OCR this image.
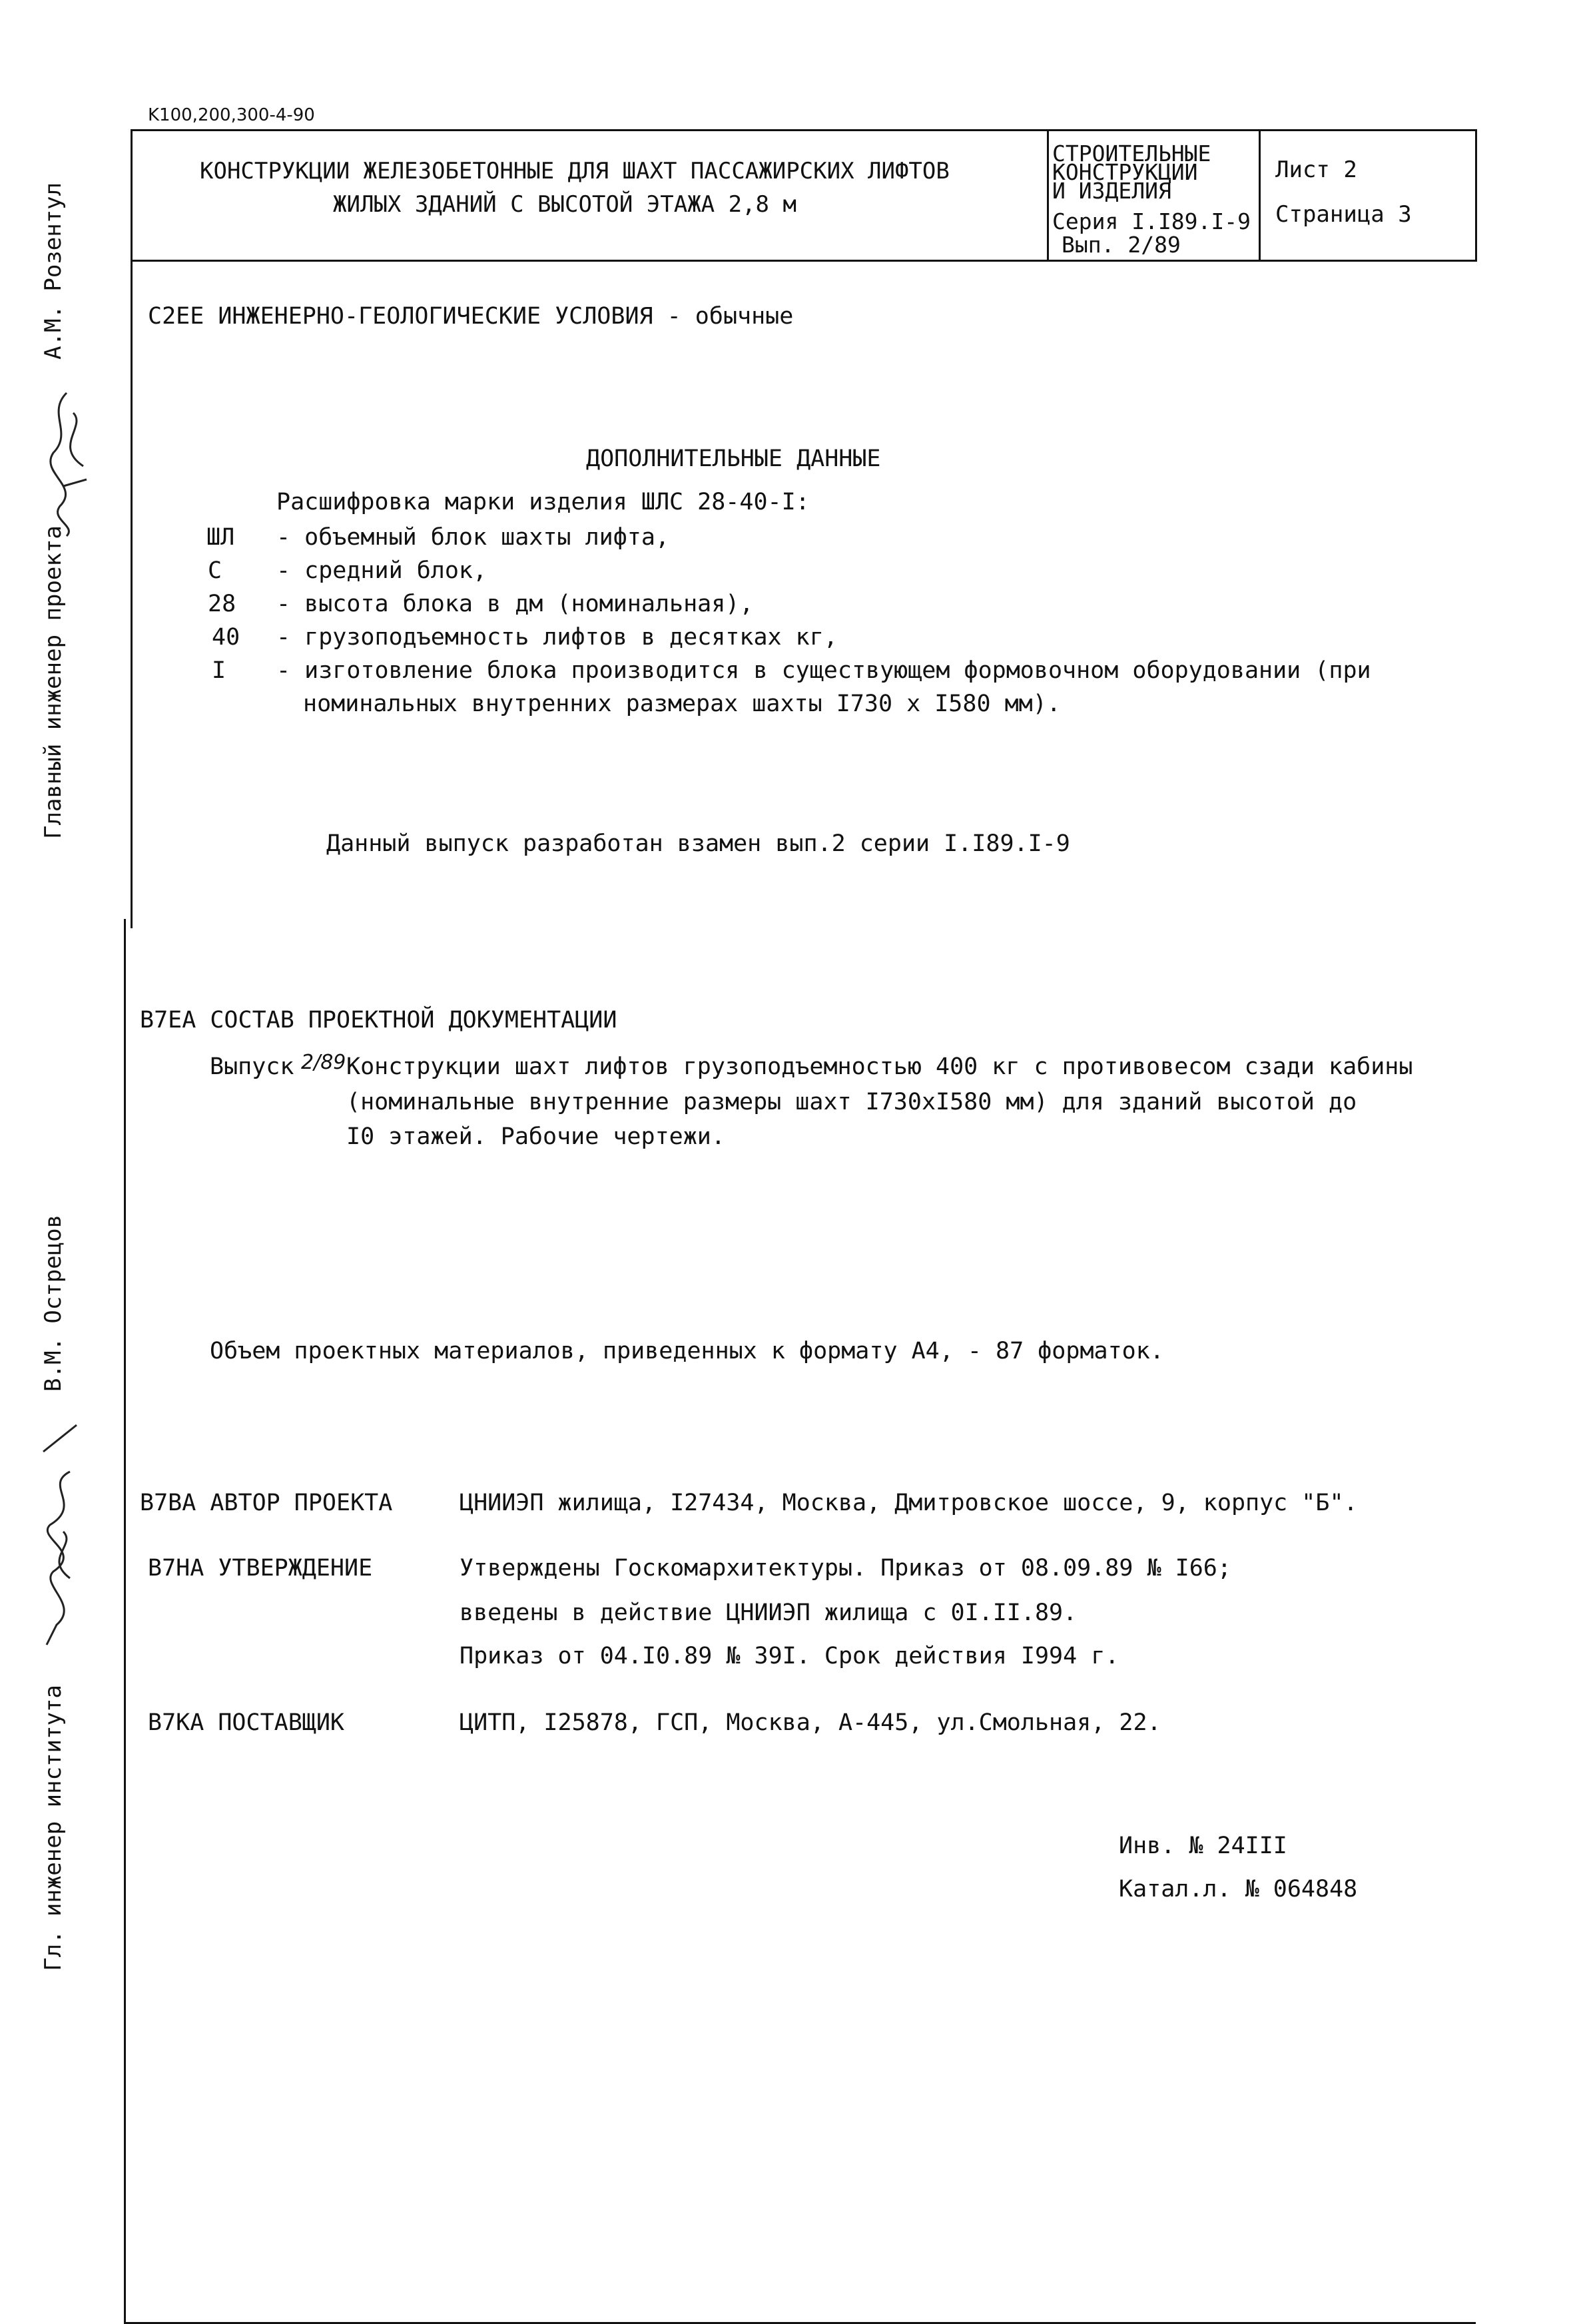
K100,200,300-4-90
КОНСТРУКЦИИ ЖЕЛЕЗОБЕТОННЫЕ ДЛЯ ШАХТ ПАССАЖИРСКИХ ЛИФТОВ
ЖИЛЫХ ЗДАНИЙ С ВЫСОТОЙ ЭТАЖА 2,8 м
СТРОИТЕЛЬНЫЕ
КОНСТРУКЦИИ
И ИЗДЕЛИЯ
Серия I.I89.I-9
Вып. 2/89
Лист 2
Страница 3
С2ЕЕ ИНЖЕНЕРНО-ГЕОЛОГИЧЕСКИЕ УСЛОВИЯ - обычные
ДОПОЛНИТЕЛЬНЫЕ ДАННЫЕ
Расшифровка марки изделия ШЛС 28-40-I:
ШЛ - объемный блок шахты лифта,
С - средний блок,
28 - высота блока в дм (номинальная),
40 - грузоподъемность лифтов в десятках кг,
I - изготовление блока производится в существующем формовочном оборудовании (при
номинальных внутренних размерах шахты I730 x I580 мм).
Данный выпуск разработан взамен вып.2 серии I.I89.I-9
В7ЕА СОСТАВ ПРОЕКТНОЙ ДОКУМЕНТАЦИИ
Выпуск 2/89 Конструкции шахт лифтов грузоподъемностью 400 кг с противовесом сзади кабины
(номинальные внутренние размеры шахт I730xI580 мм) для зданий высотой до
I0 этажей. Рабочие чертежи.
Объем проектных материалов, приведенных к формату А4, - 87 форматок.
В7ВА АВТОР ПРОЕКТА	ЦНИИЭП жилища, I27434, Москва, Дмитровское шоссе, 9, корпус "Б".
В7НА УТВЕРЖДЕНИЕ	Утверждены Госкомархитектуры. Приказ от 08.09.89 № I66;
введены в действие ЦНИИЭП жилища с 0I.II.89.
Приказ от 04.I0.89 № 39I. Срок действия I994 г.
В7КА ПОСТАВЩИК	ЦИТП, I25878, ГСП, Москва, А-445, ул.Смольная, 22.
Инв. № 24III
Катал.л. № 064848
Главный инженер проекта
А.М. Розентул
Гл. инженер института
В.М. Острецов
